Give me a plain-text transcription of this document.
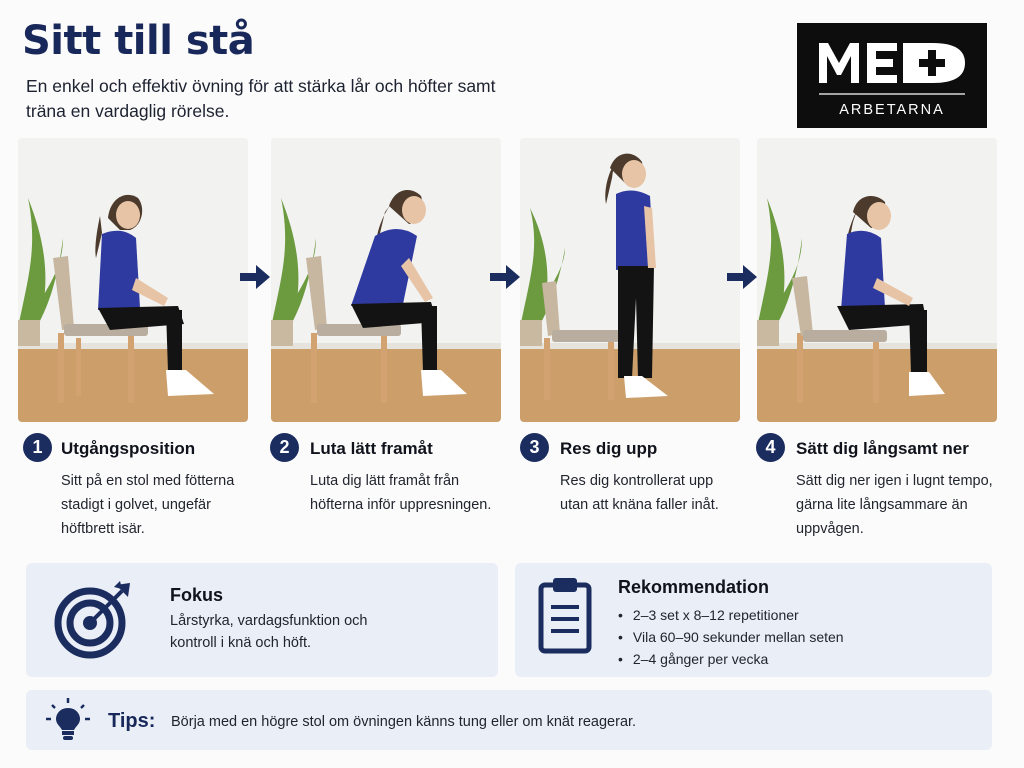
Sitt till stå
En enkel och effektiv övning för att stärka lår och höfter samt träna en vardaglig rörelse.	ARBETARNA
1	Utgångsposition
Sitt på en stol med fötterna stadigt i golvet, ungefär höftbrett isär.
2	Luta lätt framåt
Luta dig lätt framåt från höfterna inför uppresningen.
3	Res dig upp
Res dig kontrollerat upp utan att knäna faller inåt.
4	Sätt dig långsamt ner
Sätt dig ner igen i lugnt tempo, gärna lite långsammare än uppvågen.
Fokus
Lårstyrka, vardagsfunktion och kontroll i knä och höft.
Rekommendation
• 2–3 set x 8–12 repetitioner
• Vila 60–90 sekunder mellan seten
• 2–4 gånger per vecka
Tips: Börja med en högre stol om övningen känns tung eller om knät reagerar.
